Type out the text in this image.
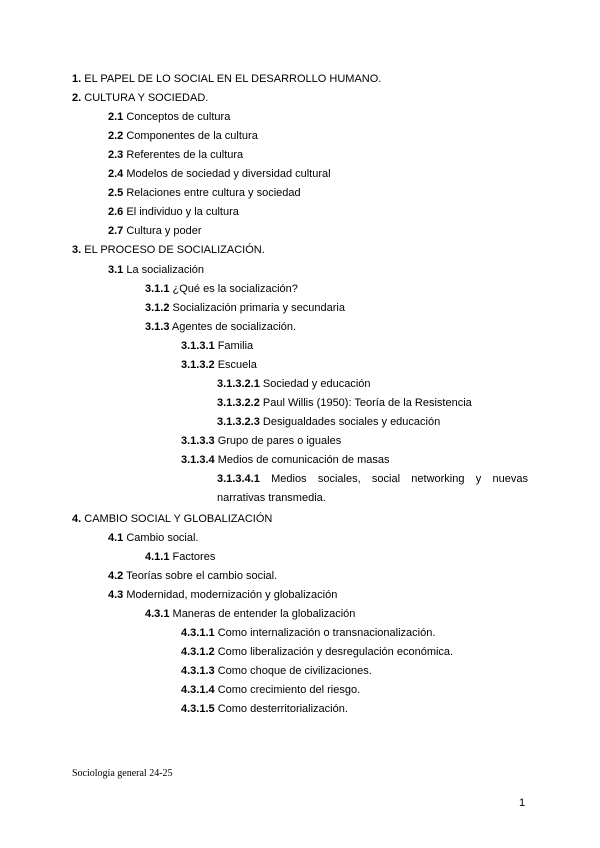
1. EL PAPEL DE LO SOCIAL EN EL DESARROLLO HUMANO.
2. CULTURA Y SOCIEDAD.
2.1 Conceptos de cultura
2.2 Componentes de la cultura
2.3 Referentes de la cultura
2.4 Modelos de sociedad y diversidad cultural
2.5 Relaciones entre cultura y sociedad
2.6 El individuo y la cultura
2.7 Cultura y poder
3. EL PROCESO DE SOCIALIZACIÓN.
3.1 La socialización
3.1.1 ¿Qué es la socialización?
3.1.2 Socialización primaria y secundaria
3.1.3 Agentes de socialización.
3.1.3.1 Familia
3.1.3.2 Escuela
3.1.3.2.1 Sociedad y educación
3.1.3.2.2 Paul Willis (1950): Teoría de la Resistencia
3.1.3.2.3 Desigualdades sociales y educación
3.1.3.3 Grupo de pares o iguales
3.1.3.4 Medios de comunicación de masas
3.1.3.4.1 Medios sociales, social networking y nuevas narrativas transmedia.
4. CAMBIO SOCIAL Y GLOBALIZACIÓN
4.1 Cambio social.
4.1.1 Factores
4.2 Teorías sobre el cambio social.
4.3 Modernidad, modernización y globalización
4.3.1 Maneras de entender la globalización
4.3.1.1 Como internalización o transnacionalización.
4.3.1.2 Como liberalización y desregulación económica.
4.3.1.3 Como choque de civilizaciones.
4.3.1.4 Como crecimiento del riesgo.
4.3.1.5 Como desterritorialización.
Sociología general 24-25
1
